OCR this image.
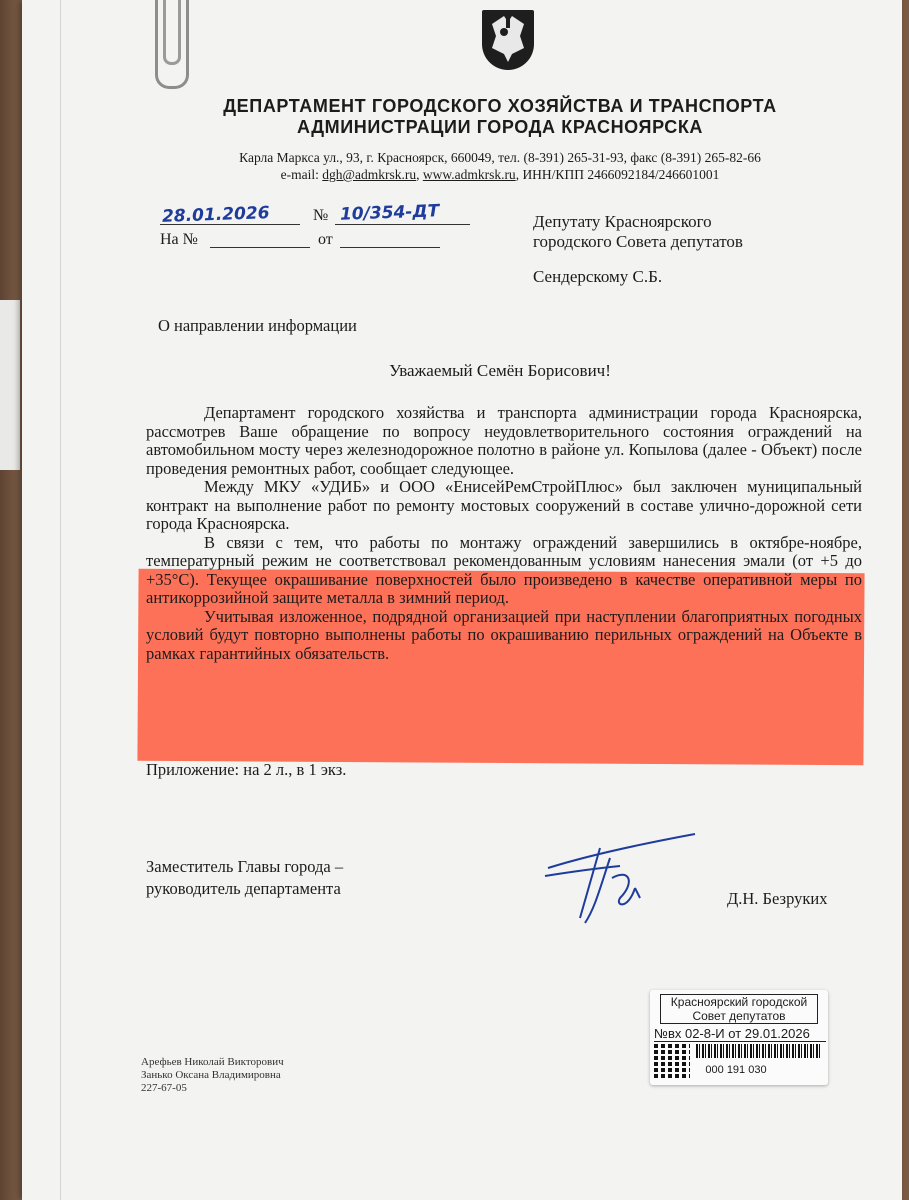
ДЕПАРТАМЕНТ ГОРОДСКОГО ХОЗЯЙСТВА И ТРАНСПОРТА
АДМИНИСТРАЦИИ ГОРОДА КРАСНОЯРСКА
Карла Маркса ул., 93, г. Красноярск, 660049, тел. (8-391) 265-31-93, факс (8-391) 265-82-66
e-mail: dgh@admkrsk.ru, www.admkrsk.ru, ИНН/КПП 2466092184/246601001
28.01.2026	№ 10/354-ДТ
На №	от
Депутату Красноярского
городского Совета депутатов
Сендерскому С.Б.
О направлении информации
Уважаемый Семён Борисович!

Департамент городского хозяйства и транспорта администрации города Красноярска, рассмотрев Ваше обращение по вопросу неудовлетворительного состояния ограждений на автомобильном мосту через железнодорожное полотно в районе ул. Копылова (далее - Объект) после проведения ремонтных работ, сообщает следующее.

Между МКУ «УДИБ» и ООО «ЕнисейРемСтройПлюс» был заключен муниципальный контракт на выполнение работ по ремонту мостовых сооружений в составе улично-дорожной сети города Красноярска.

В связи с тем, что работы по монтажу ограждений завершились в октябре-ноябре, температурный режим не соответствовал рекомендованным условиям нанесения эмали (от +5 до +35°С). Текущее окрашивание поверхностей было произведено в качестве оперативной меры по антикоррозийной защите металла в зимний период.

Учитывая изложенное, подрядной организацией при наступлении благоприятных погодных условий будут повторно выполнены работы по окрашиванию перильных ограждений на Объекте в рамках гарантийных обязательств.

Приложение: на 2 л., в 1 экз.
Заместитель Главы города –
руководитель департамента
Д.Н. Безруких
Арефьев Николай Викторович
Занько Оксана Владимировна
227-67-05
Красноярский городской
Совет депутатов
№вх 02-8-И от 29.01.2026
000 191 030
